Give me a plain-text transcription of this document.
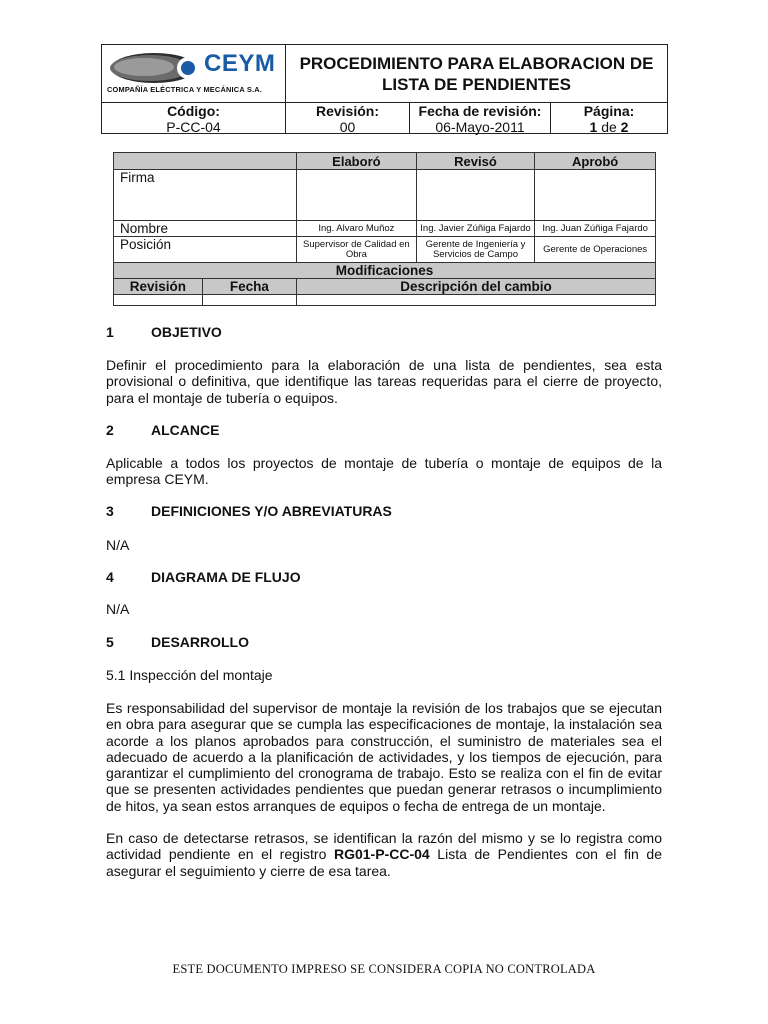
CEYM
COMPAÑÍA ELÉCTRICA Y MECÁNICA S.A.
PROCEDIMIENTO PARA ELABORACION DE
LISTA DE PENDIENTES
Código:
P-CC-04
Revisión:
00
Fecha de revisión:
06-Mayo-2011
Página:
1 de 2
		Elaboró	Revisó	Aprobó
Firma				
Nombre		Ing. Alvaro Muñoz	Ing. Javier Zúñiga Fajardo	Ing. Juan Zúñiga Fajardo
Posición		Supervisor de Calidad en Obra	Gerente de Ingeniería y Servicios de Campo	Gerente de Operaciones
Modificaciones				
Revisión	Fecha	Descripción del cambio		

1	OBJETIVO
Definir el procedimiento para la elaboración de una lista de pendientes, sea esta provisional o definitiva, que identifique las tareas requeridas para el cierre de proyecto, para el montaje de tubería o equipos.
2	ALCANCE
Aplicable a todos los proyectos de montaje de tubería o montaje de equipos de la empresa CEYM.
3	DEFINICIONES Y/O ABREVIATURAS
N/A
4	DIAGRAMA DE FLUJO
N/A
5	DESARROLLO
5.1 Inspección del montaje
Es responsabilidad del supervisor de montaje la revisión de los trabajos que se ejecutan en obra para asegurar que se cumpla las especificaciones de montaje, la instalación sea acorde a los planos aprobados para construcción, el suministro de materiales sea el adecuado de acuerdo a la planificación de actividades, y los tiempos de ejecución, para garantizar el cumplimiento del cronograma de trabajo. Esto se realiza con el fin de evitar que se presenten actividades pendientes que puedan generar retrasos o incumplimiento de hitos, ya sean estos arranques de equipos o fecha de entrega de un montaje.
En caso de detectarse retrasos, se identifican la razón del mismo y se lo registra como actividad pendiente en el registro RG01-P-CC-04 Lista de Pendientes con el fin de asegurar el seguimiento y cierre de esa tarea.
ESTE DOCUMENTO IMPRESO SE CONSIDERA COPIA NO CONTROLADA
